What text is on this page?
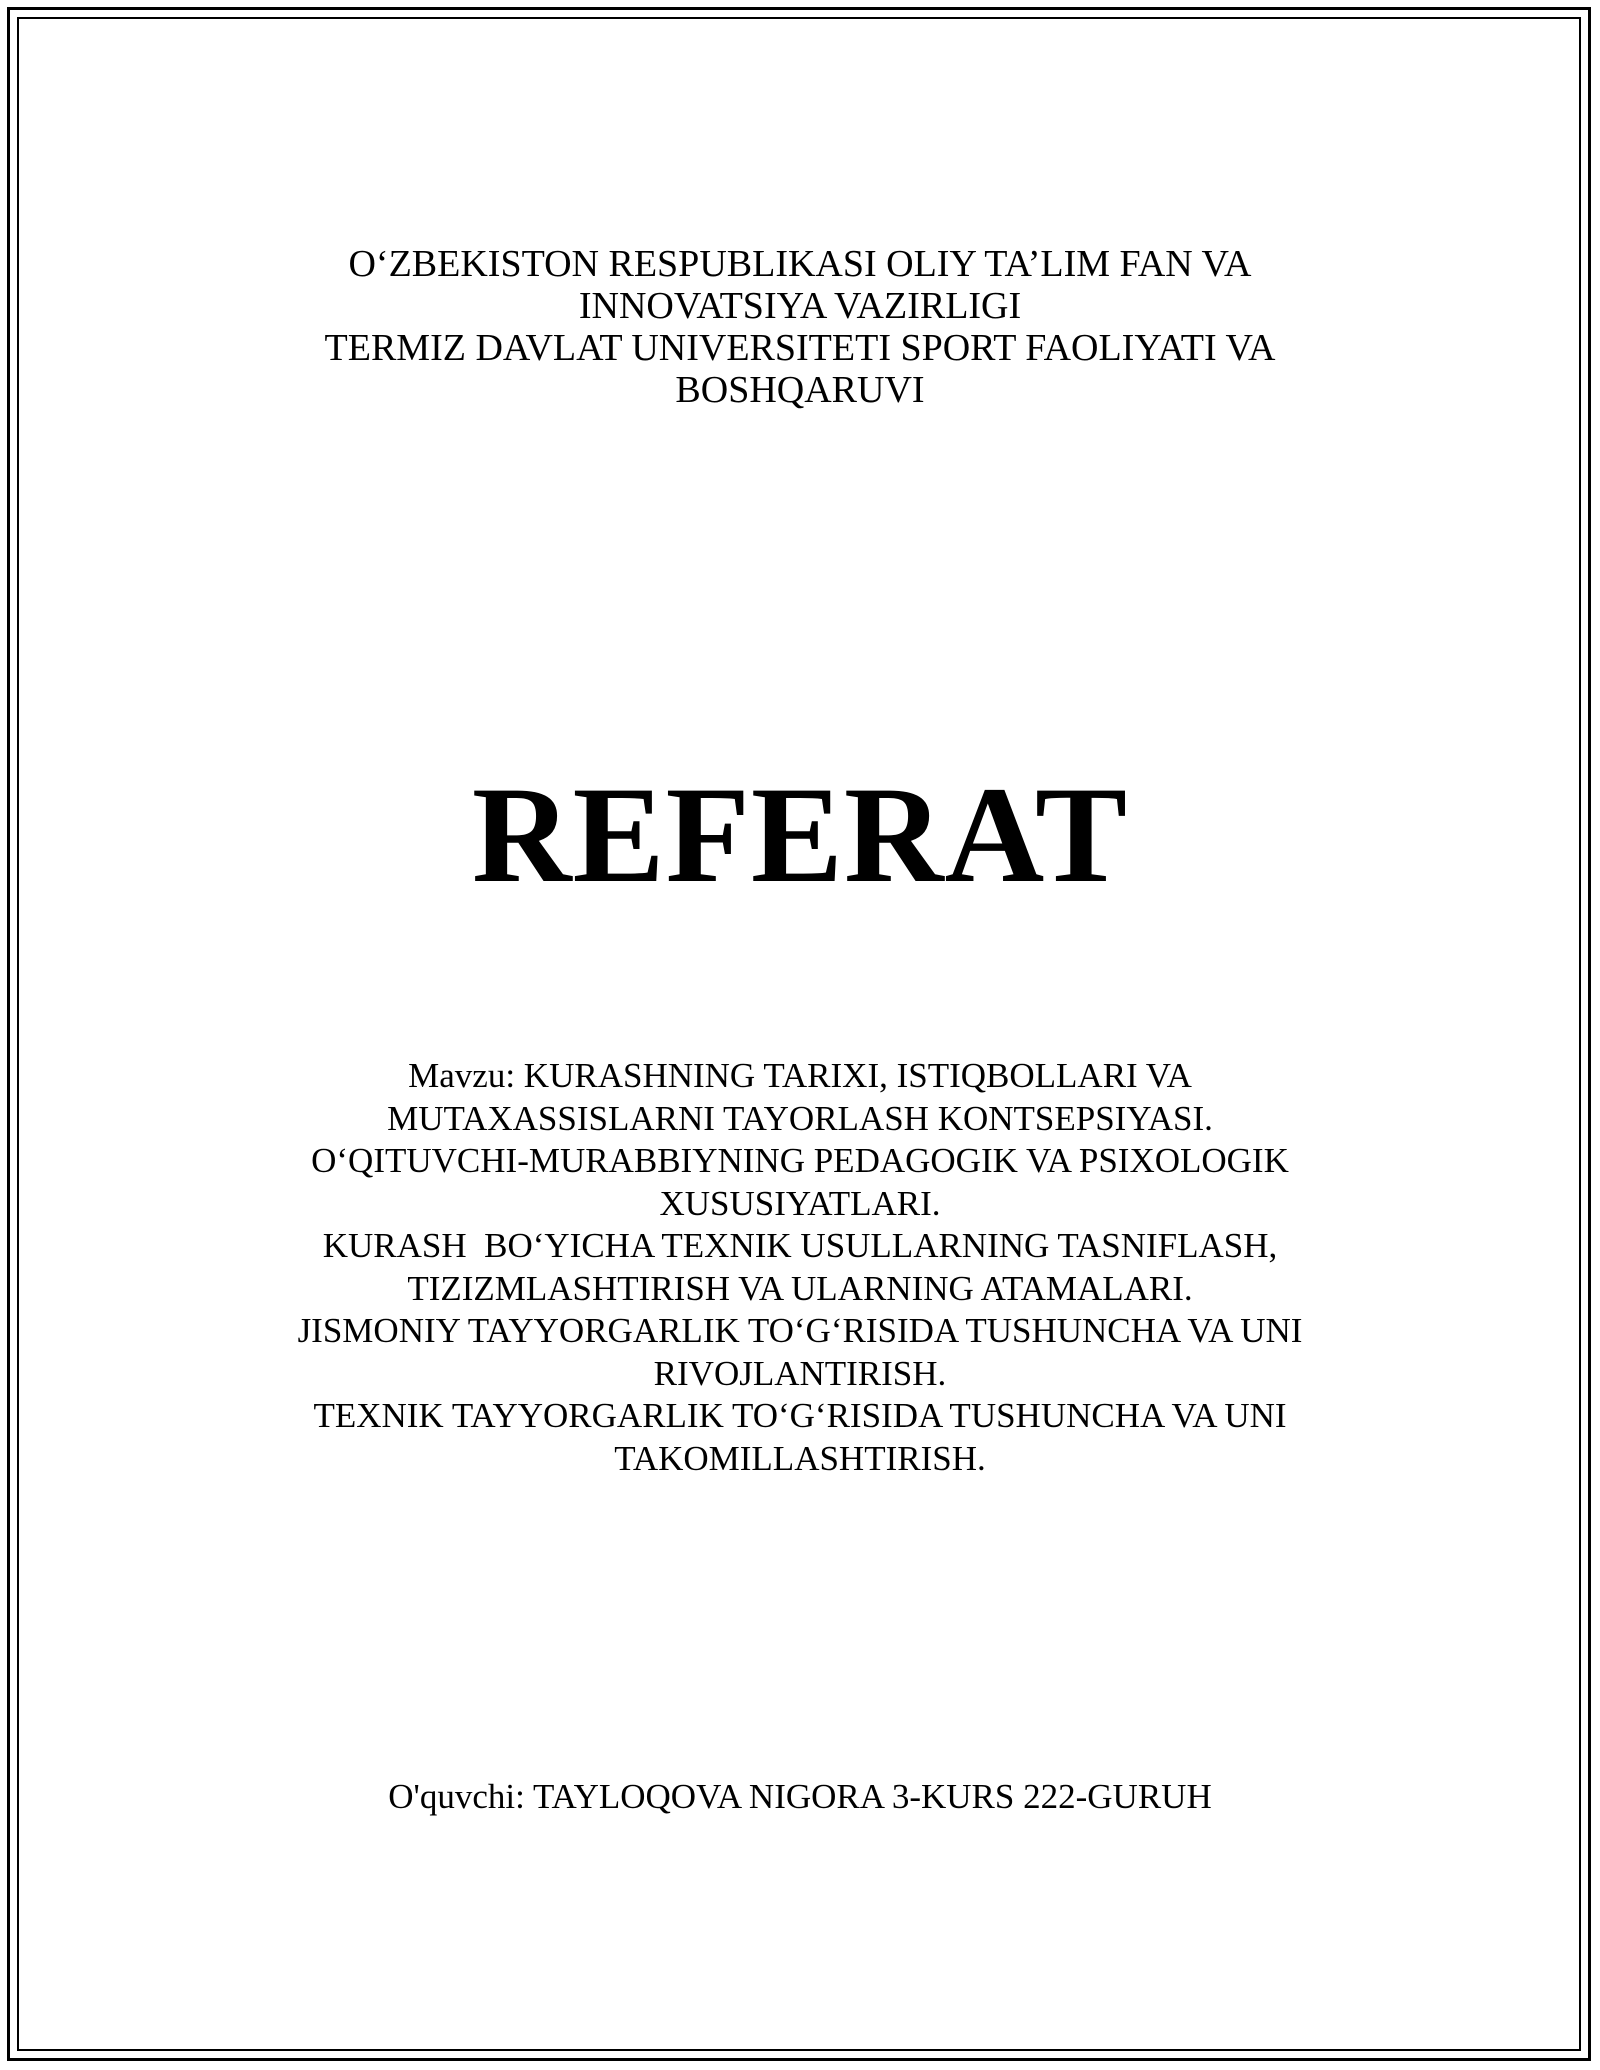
O‘ZBEKISTON RESPUBLIKASI OLIY TA’LIM FAN VA
INNOVATSIYA VAZIRLIGI
TERMIZ DAVLAT UNIVERSITETI SPORT FAOLIYATI VA
BOSHQARUVI
REFERAT
Mavzu: KURASHNING TARIXI, ISTIQBOLLARI VA
MUTAXASSISLARNI TAYORLASH KONTSEPSIYASI.
O‘QITUVCHI-MURABBIYNING PEDAGOGIK VA PSIXOLOGIK
XUSUSIYATLARI.
KURASH  BO‘YICHA TEXNIK USULLARNING TASNIFLASH,
TIZIZMLASHTIRISH VA ULARNING ATAMALARI.
JISMONIY TAYYORGARLIK TO‘G‘RISIDA TUSHUNCHA VA UNI
RIVOJLANTIRISH.
TEXNIK TAYYORGARLIK TO‘G‘RISIDA TUSHUNCHA VA UNI
TAKOMILLASHTIRISH.
O'quvchi: TAYLOQOVA NIGORA 3-KURS 222-GURUH
